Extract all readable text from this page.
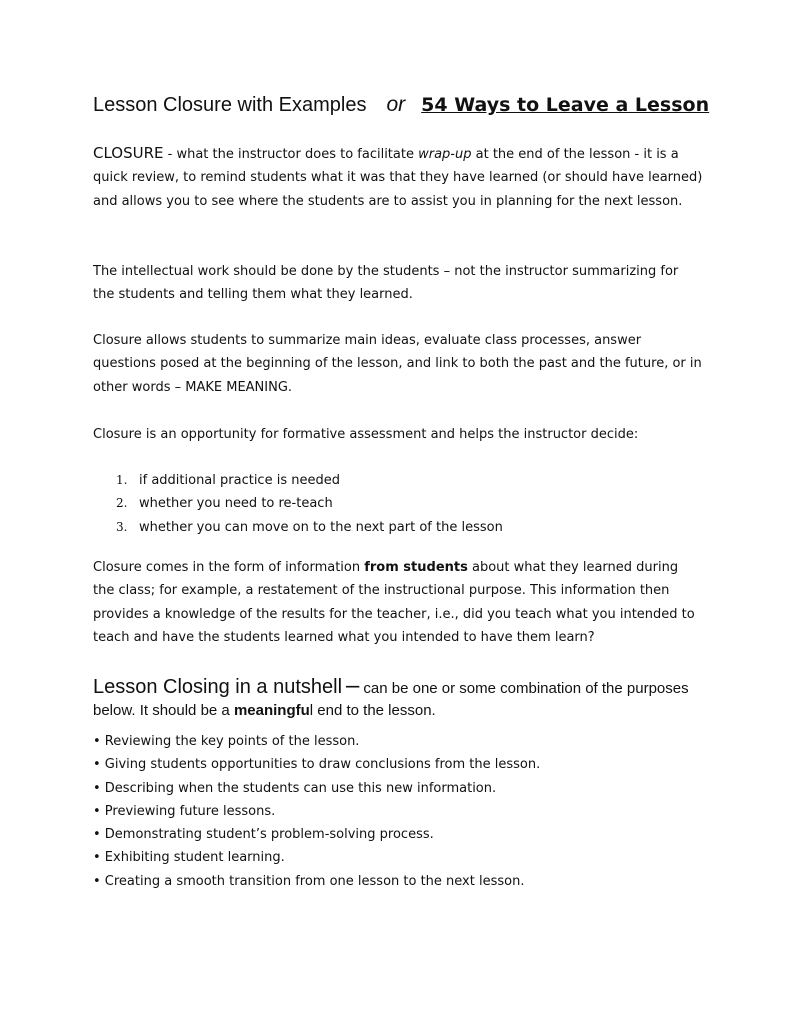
Lesson Closure with Examples or 54 Ways to Leave a Lesson
CLOSURE - what the instructor does to facilitate wrap-up at the end of the lesson - it is a quick review, to remind students what it was that they have learned (or should have learned) and allows you to see where the students are to assist you in planning for the next lesson.
The intellectual work should be done by the students – not the instructor summarizing for the students and telling them what they learned.
Closure allows students to summarize main ideas, evaluate class processes, answer questions posed at the beginning of the lesson, and link to both the past and the future, or in other words – MAKE MEANING.
Closure is an opportunity for formative assessment and helps the instructor decide:
1. if additional practice is needed
2. whether you need to re-teach
3. whether you can move on to the next part of the lesson
Closure comes in the form of information from students about what they learned during the class; for example, a restatement of the instructional purpose. This information then provides a knowledge of the results for the teacher, i.e., did you teach what you intended to teach and have the students learned what you intended to have them learn?
Lesson Closing in a nutshell – can be one or some combination of the purposes below. It should be a meaningful end to the lesson.
• Reviewing the key points of the lesson.
• Giving students opportunities to draw conclusions from the lesson.
• Describing when the students can use this new information.
• Previewing future lessons.
• Demonstrating student’s problem-solving process.
• Exhibiting student learning.
• Creating a smooth transition from one lesson to the next lesson.
